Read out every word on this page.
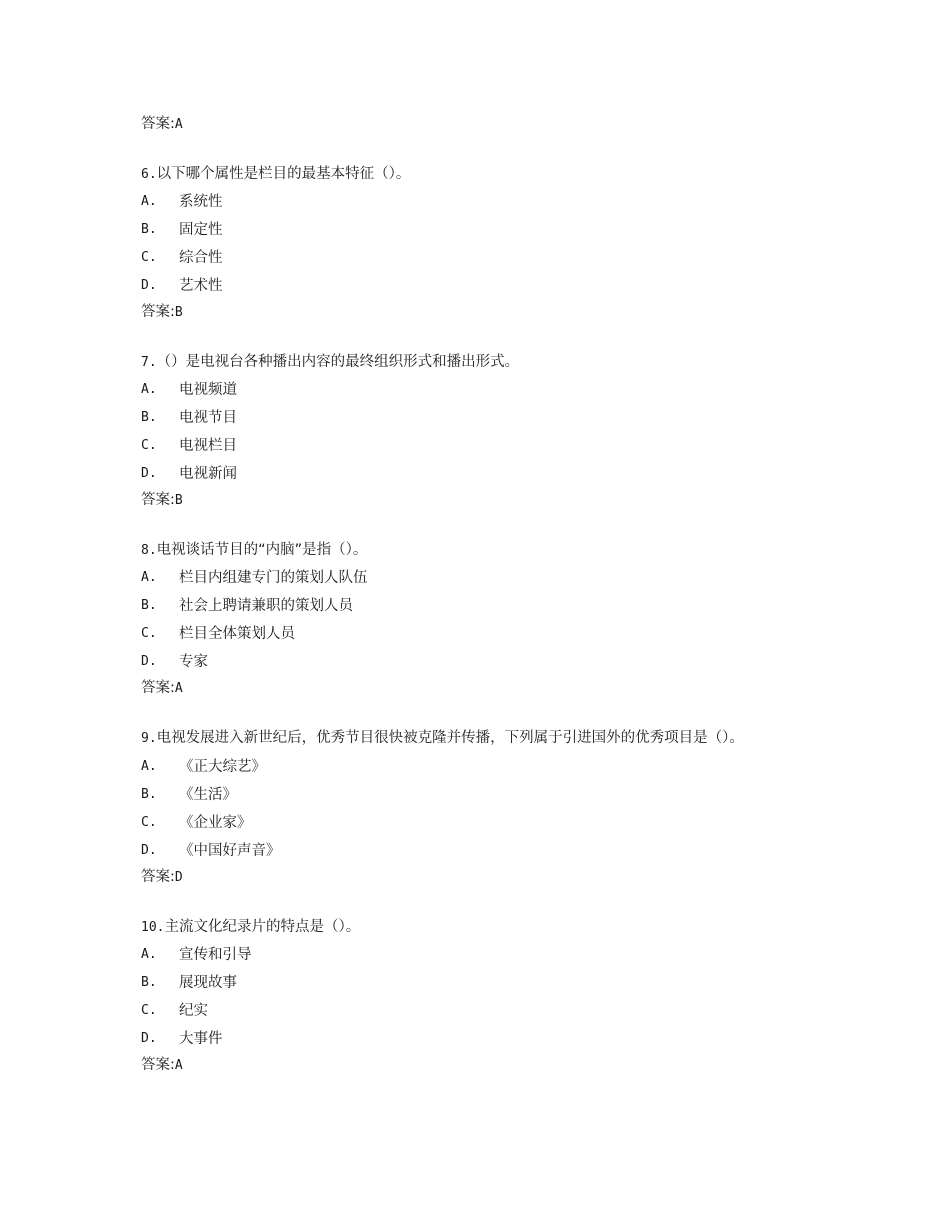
答案:A
6.以下哪个属性是栏目的最基本特征（）。
A.	系统性
B.	固定性
C.	综合性
D.	艺术性
答案:B
7.（）是电视台各种播出内容的最终组织形式和播出形式。
A.	电视频道
B.	电视节目
C.	电视栏目
D.	电视新闻
答案:B
8.电视谈话节目的“内脑”是指（）。
A.	栏目内组建专门的策划人队伍
B.	社会上聘请兼职的策划人员
C.	栏目全体策划人员
D.	专家
答案:A
9.电视发展进入新世纪后，优秀节目很快被克隆并传播，下列属于引进国外的优秀项目是（）。
A.	《正大综艺》
B.	《生活》
C.	《企业家》
D.	《中国好声音》
答案:D
10.主流文化纪录片的特点是（）。
A.	宣传和引导
B.	展现故事
C.	纪实
D.	大事件
答案:A
